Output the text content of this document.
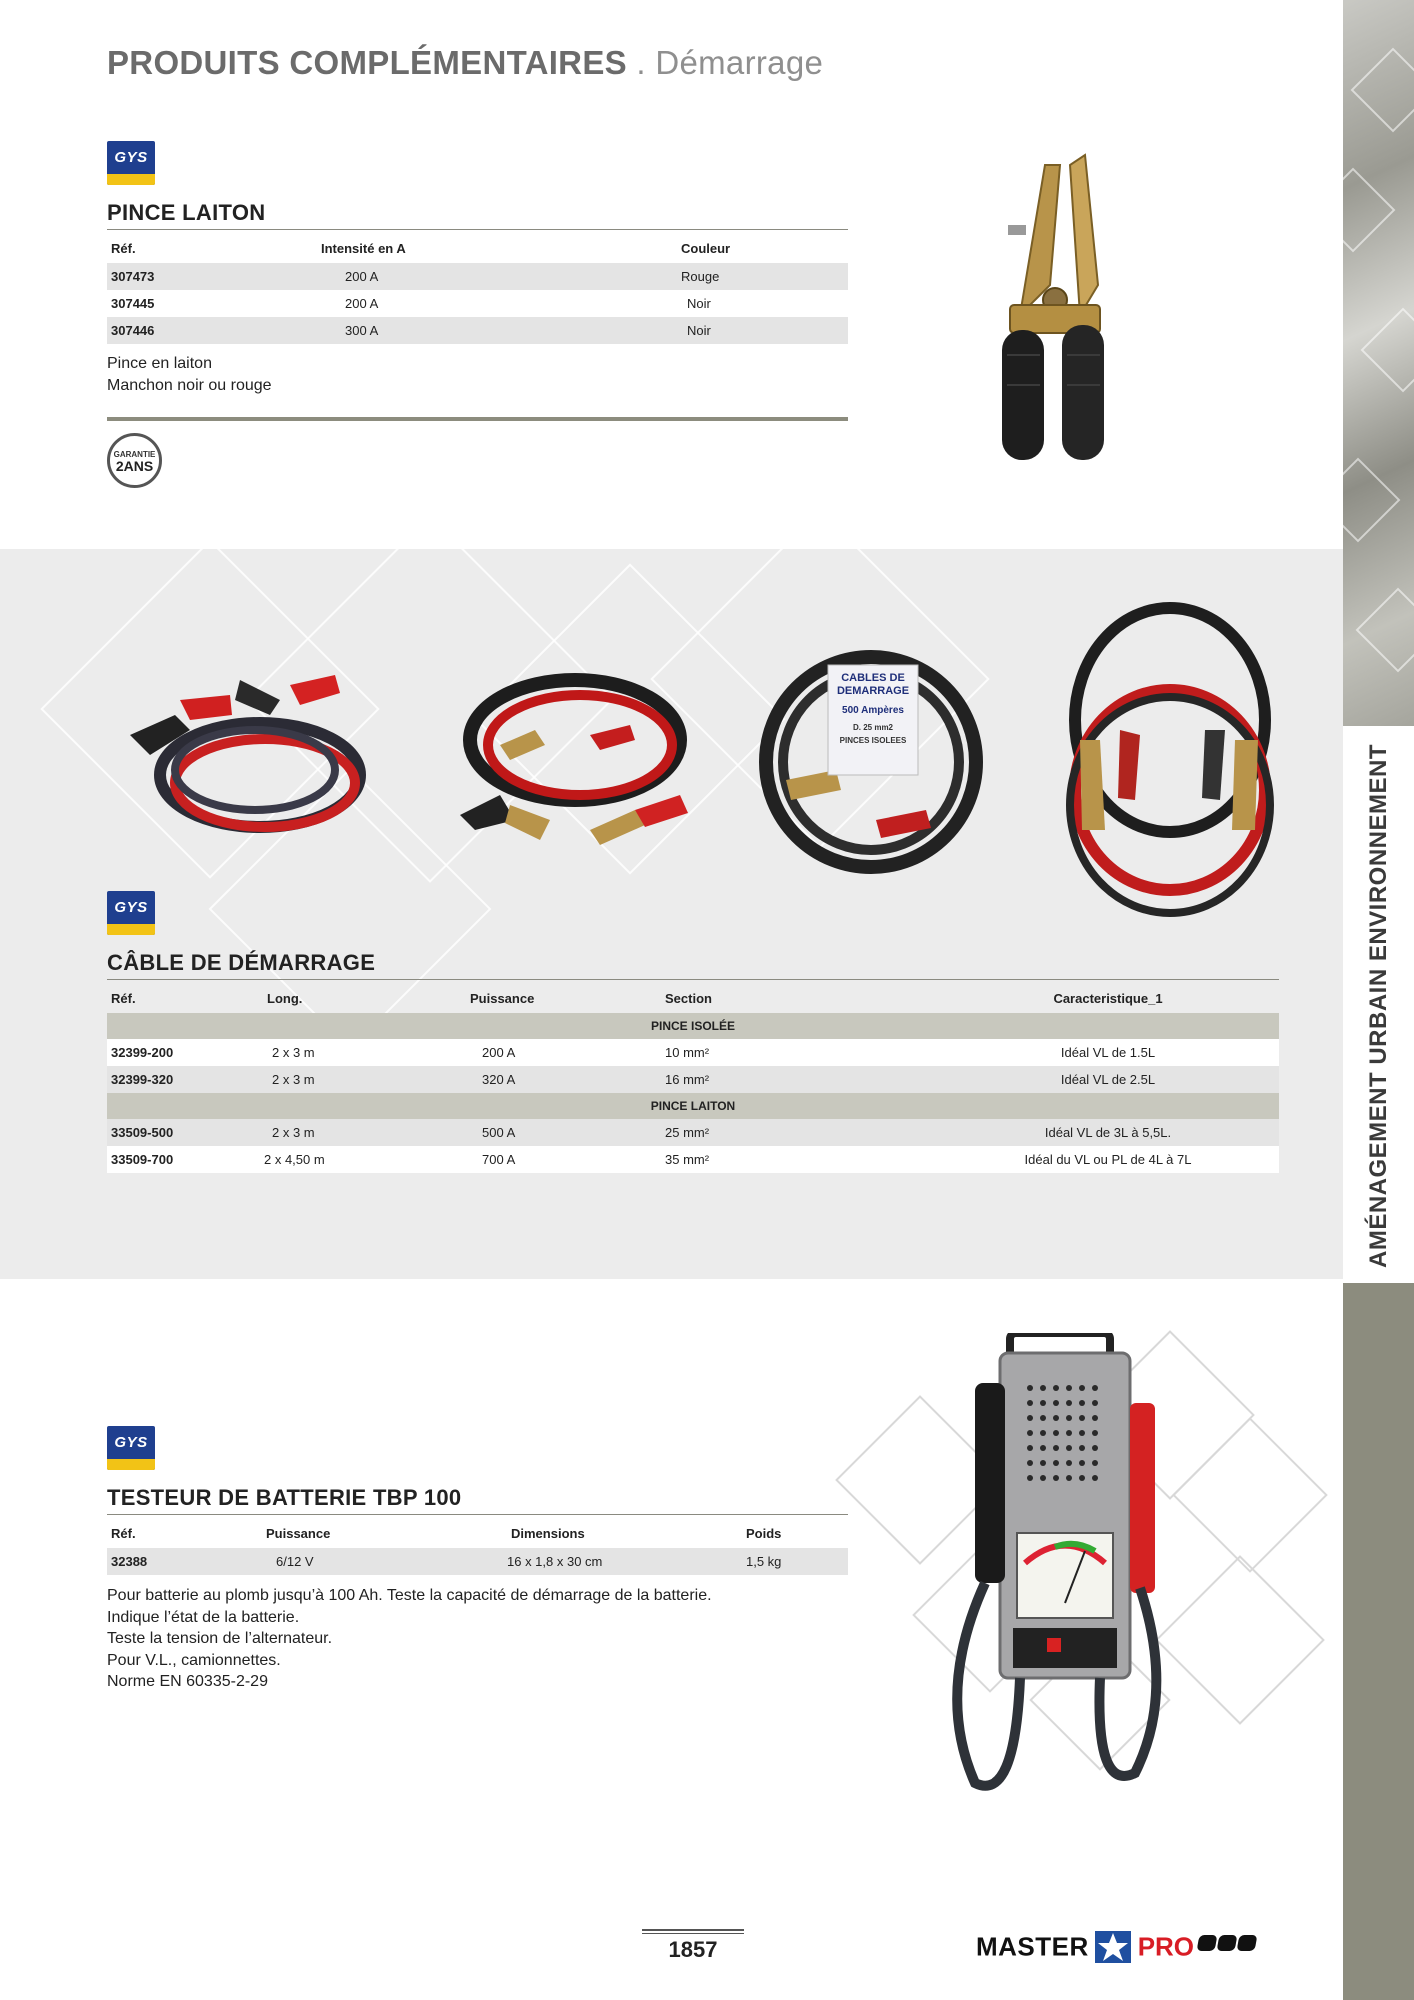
PRODUITS COMPLÉMENTAIRES . Démarrage
AMÉNAGEMENT URBAIN ENVIRONNEMENT
GYS
PINCE LAITON
Réf.	Intensité en A	Couleur
307473	200 A	Rouge
307445	200 A	Noir
307446	300 A	Noir
Pince en laiton
Manchon noir ou rouge
GARANTIE
2ANS
CABLES DE
DEMARRAGE
500 Ampères
D. 25 mm2
PINCES ISOLEES
GYS
CÂBLE DE DÉMARRAGE
Réf.	Long.	Puissance	Section	Caracteristique_1
PINCE ISOLÉE				
32399-200	2 x 3 m	200 A	10 mm²	Idéal VL de 1.5L
32399-320	2 x 3 m	320 A	16 mm²	Idéal VL de 2.5L
PINCE LAITON				
33509-500	2 x 3 m	500 A	25 mm²	Idéal VL de 3L à 5,5L.
33509-700	2 x 4,50 m	700 A	35 mm²	Idéal du VL ou PL de 4L à 7L
GYS
TESTEUR DE BATTERIE TBP 100
Réf.	Puissance	Dimensions	Poids
32388	6/12 V	16 x 1,8 x 30 cm	1,5 kg
Pour batterie au plomb jusqu’à 100 Ah. Teste la capacité de démarrage de la batterie.
Indique l’état de la batterie.
Teste la tension de l’alternateur.
Pour V.L., camionnettes.
Norme EN 60335-2-29
1857	MASTER PRO
